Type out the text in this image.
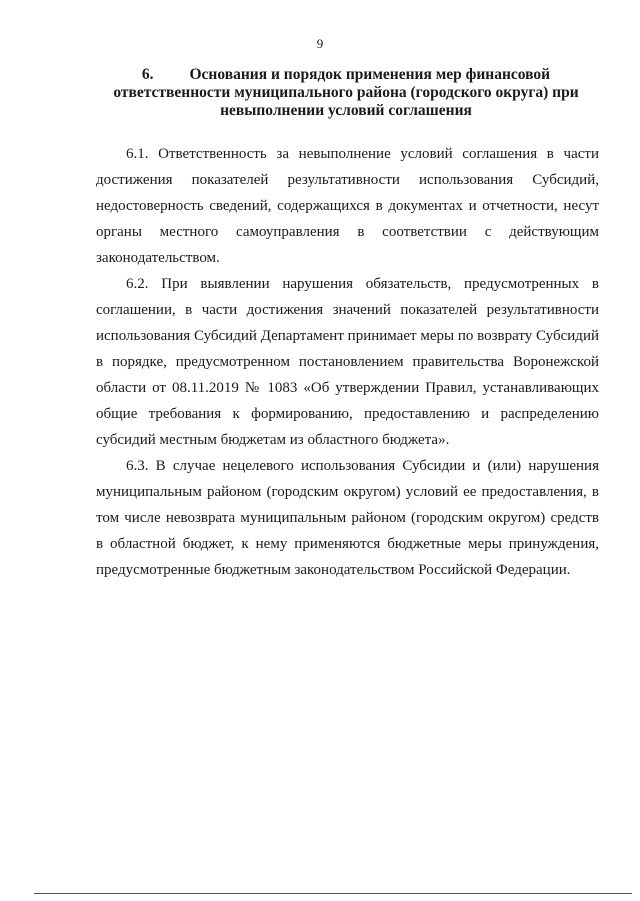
9
6. Основания и порядок применения мер финансовой ответственности муниципального района (городского округа) при невыполнении условий соглашения

6.1. Ответственность за невыполнение условий соглашения в части достижения показателей результативности использования Субсидий, недостоверность сведений, содержащихся в документах и отчетности, несут органы местного самоуправления в соответствии с действующим законодательством.

6.2. При выявлении нарушения обязательств, предусмотренных в соглашении, в части достижения значений показателей результативности использования Субсидий Департамент принимает меры по возврату Субсидий в порядке, предусмотренном постановлением правительства Воронежской области от 08.11.2019 № 1083 «Об утверждении Правил, устанавливающих общие требования к формированию, предоставлению и распределению субсидий местным бюджетам из областного бюджета».

6.3. В случае нецелевого использования Субсидии и (или) нарушения муниципальным районом (городским округом) условий ее предоставления, в том числе невозврата муниципальным районом (городским округом) средств в областной бюджет, к нему применяются бюджетные меры принуждения, предусмотренные бюджетным законодательством Российской Федерации.
